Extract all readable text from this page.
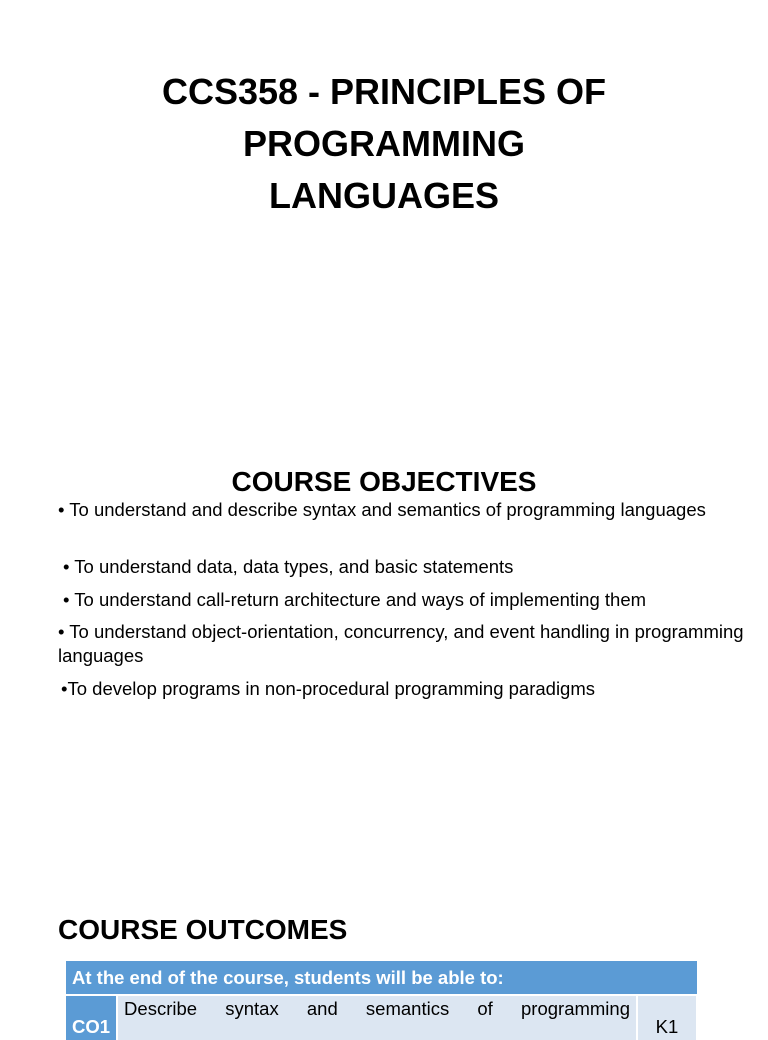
CCS358 - PRINCIPLES OF
PROGRAMMING
LANGUAGES
COURSE OBJECTIVES
• To understand and describe syntax and semantics of programming languages
• To understand data, data types, and basic statements
• To understand call-return architecture and ways of implementing them
• To understand object-orientation, concurrency, and event handling in programming languages
•To develop programs in non-procedural programming paradigms
COURSE OUTCOMES
At the end of the course, students will be able to:
CO1	Describe syntax and semantics of programming	K1
